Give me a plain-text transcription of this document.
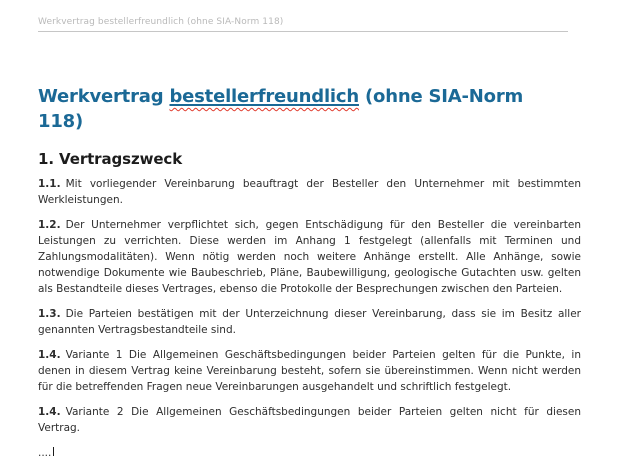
Werkvertrag bestellerfreundlich (ohne SIA-Norm 118)
Werkvertrag bestellerfreundlich (ohne SIA-Norm
118)
1. Vertragszweck

1.1. Mit vorliegender Vereinbarung beauftragt der Besteller den Unternehmer mit bestimmten Werkleistungen.

1.2. Der Unternehmer verpflichtet sich, gegen Entschädigung für den Besteller die vereinbarten Leistungen zu verrichten. Diese werden im Anhang 1 festgelegt (allenfalls mit Terminen und Zahlungsmodalitäten). Wenn nötig werden noch weitere Anhänge erstellt. Alle Anhänge, sowie notwendige Dokumente wie Baubeschrieb, Pläne, Baubewilligung, geologische Gutachten usw. gelten als Bestandteile dieses Vertrages, ebenso die Protokolle der Besprechungen zwischen den Parteien.

1.3. Die Parteien bestätigen mit der Unterzeichnung dieser Vereinbarung, dass sie im Besitz aller genannten Vertragsbestandteile sind.

1.4. Variante 1 Die Allgemeinen Geschäftsbedingungen beider Parteien gelten für die Punkte, in denen in diesem Vertrag keine Vereinbarung besteht, sofern sie übereinstimmen. Wenn nicht werden für die betreffenden Fragen neue Vereinbarungen ausgehandelt und schriftlich festgelegt.

1.4. Variante 2 Die Allgemeinen Geschäftsbedingungen beider Parteien gelten nicht für diesen Vertrag.

....
